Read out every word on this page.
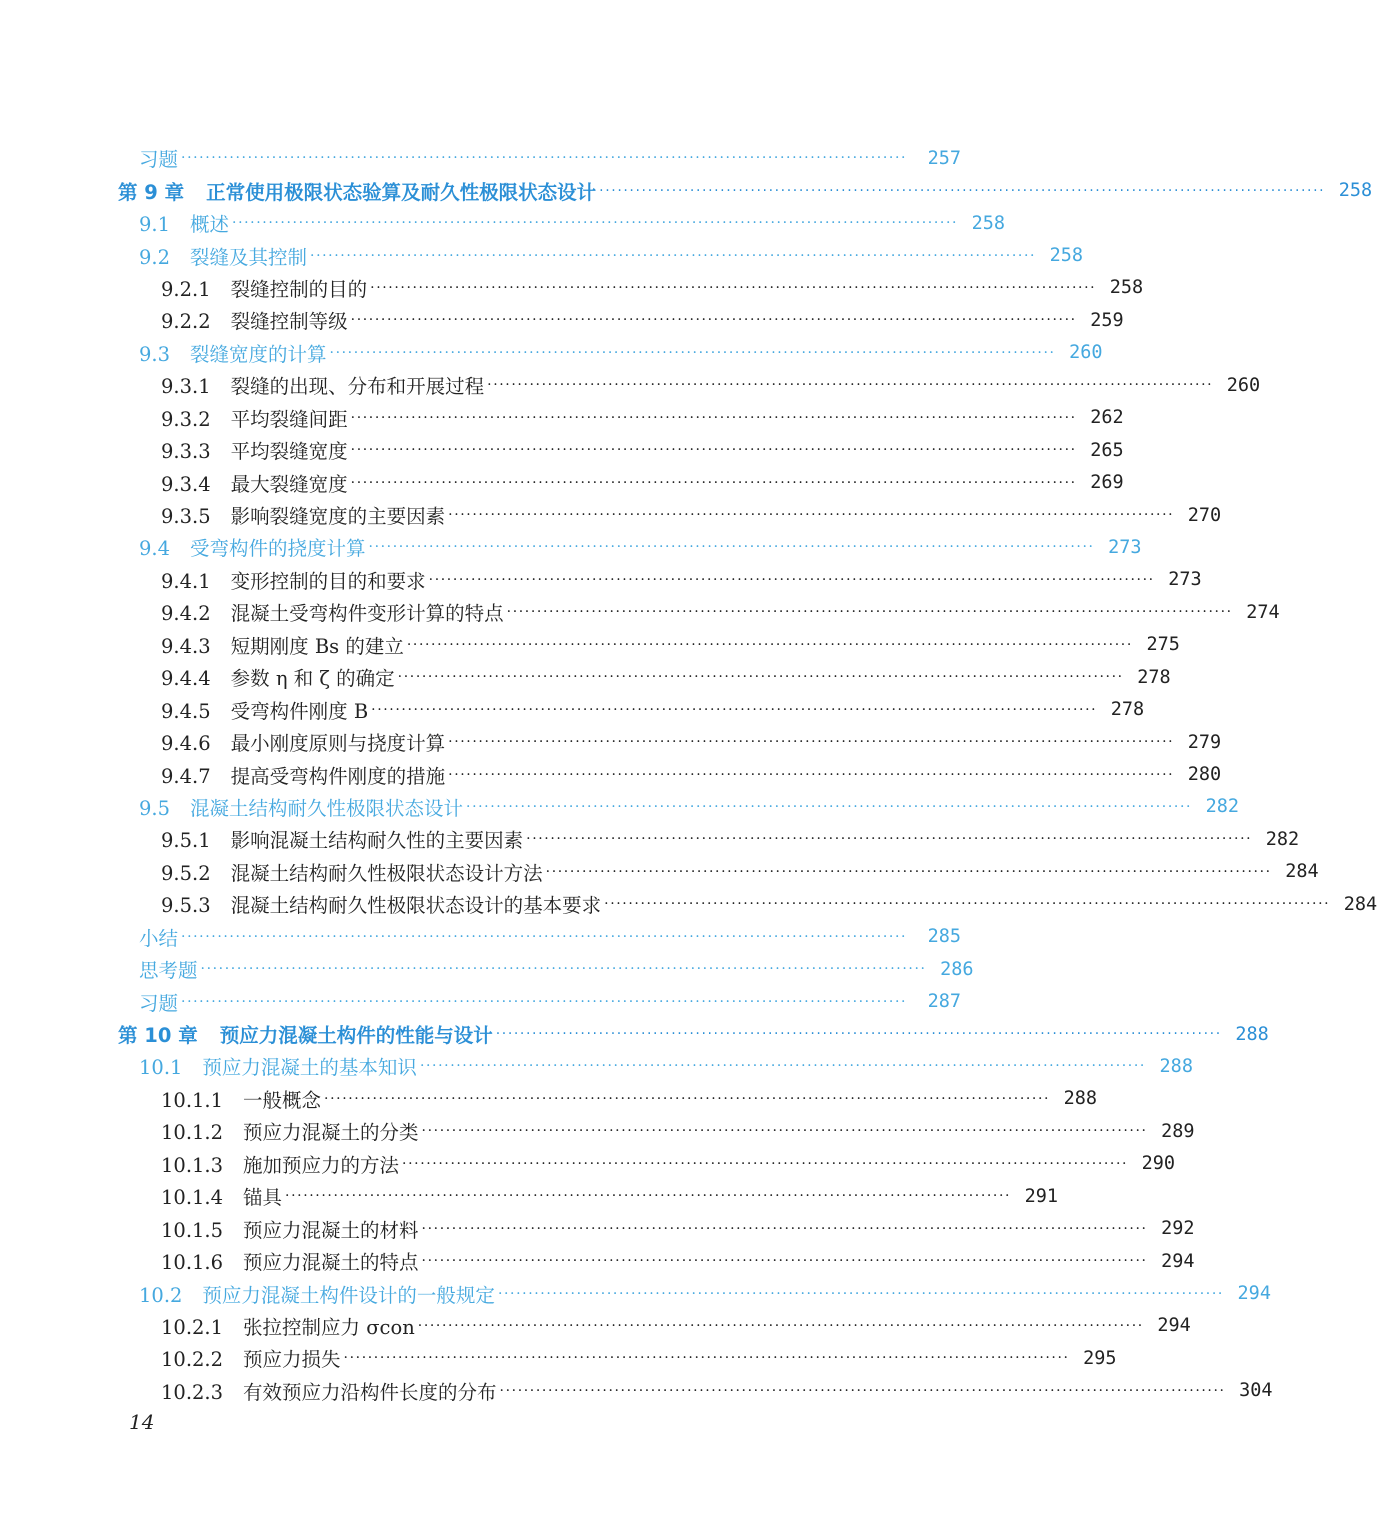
习题 ························································································································	257
第 9 章 正常使用极限状态验算及耐久性极限状态设计 ························································································································ 258
9.1 概述 ························································································································ 258
9.2 裂缝及其控制 ························································································································ 258
9.2.1 裂缝控制的目的 ························································································································ 258
9.2.2 裂缝控制等级 ························································································································ 259
9.3 裂缝宽度的计算 ························································································································ 260
9.3.1 裂缝的出现、分布和开展过程 ························································································································ 260
9.3.2 平均裂缝间距 ························································································································ 262
9.3.3 平均裂缝宽度 ························································································································ 265
9.3.4 最大裂缝宽度 ························································································································ 269
9.3.5 影响裂缝宽度的主要因素 ························································································································ 270
9.4 受弯构件的挠度计算 ························································································································ 273
9.4.1 变形控制的目的和要求 ························································································································ 273
9.4.2 混凝土受弯构件变形计算的特点 ························································································································ 274
9.4.3 短期刚度 Bs 的建立 ························································································································ 275
9.4.4 参数 η 和 ζ 的确定 ························································································································ 278
9.4.5 受弯构件刚度 B ························································································································ 278
9.4.6 最小刚度原则与挠度计算 ························································································································ 279
9.4.7 提高受弯构件刚度的措施 ························································································································ 280
9.5 混凝土结构耐久性极限状态设计 ························································································································ 282
9.5.1 影响混凝土结构耐久性的主要因素 ························································································································ 282
9.5.2 混凝土结构耐久性极限状态设计方法 ························································································································ 284
9.5.3 混凝土结构耐久性极限状态设计的基本要求 ························································································································ 284
小结 ························································································································	285
思考题 ························································································································ 286
习题 ························································································································	287
第 10 章 预应力混凝土构件的性能与设计 ························································································································ 288
10.1 预应力混凝土的基本知识 ························································································································ 288
10.1.1 一般概念 ························································································································ 288
10.1.2 预应力混凝土的分类 ························································································································ 289
10.1.3 施加预应力的方法 ························································································································ 290
10.1.4 锚具 ························································································································ 291
10.1.5 预应力混凝土的材料 ························································································································ 292
10.1.6 预应力混凝土的特点 ························································································································ 294
10.2 预应力混凝土构件设计的一般规定 ························································································································ 294
10.2.1 张拉控制应力 σcon ························································································································ 294
10.2.2 预应力损失 ························································································································ 295
10.2.3 有效预应力沿构件长度的分布 ························································································································ 304
14
